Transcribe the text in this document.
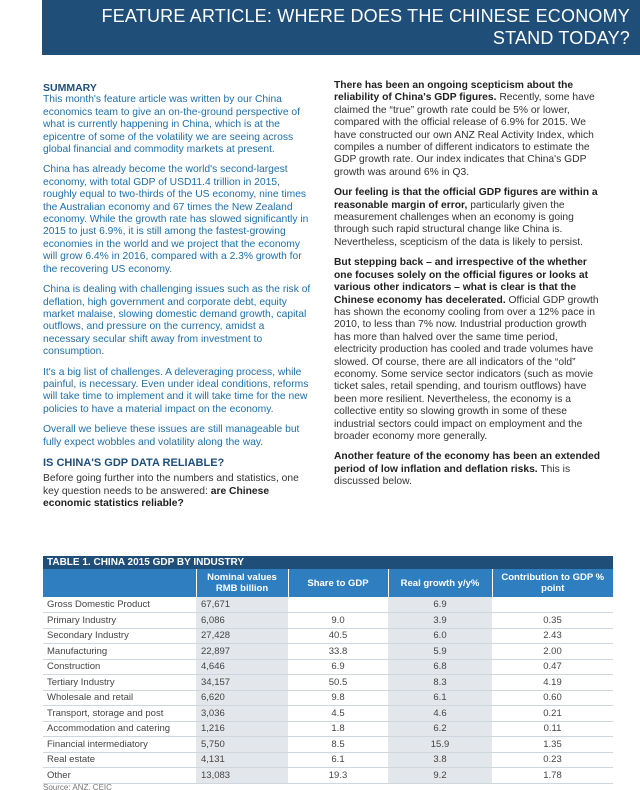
FEATURE ARTICLE: WHERE DOES THE CHINESE ECONOMY
STAND TODAY?
SUMMARY

This month's feature article was written by our China economics team to give an on-the-ground perspective of what is currently happening in China, which is at the epicentre of some of the volatility we are seeing across global financial and commodity markets at present.

China has already become the world's second-largest economy, with total GDP of USD11.4 trillion in 2015, roughly equal to two-thirds of the US economy, nine times the Australian economy and 67 times the New Zealand economy. While the growth rate has slowed significantly in 2015 to just 6.9%, it is still among the fastest-growing economies in the world and we project that the economy will grow 6.4% in 2016, compared with a 2.3% growth for the recovering US economy.

China is dealing with challenging issues such as the risk of deflation, high government and corporate debt, equity market malaise, slowing domestic demand growth, capital outflows, and pressure on the currency, amidst a necessary secular shift away from investment to consumption.

It's a big list of challenges. A deleveraging process, while painful, is necessary. Even under ideal conditions, reforms will take time to implement and it will take time for the new policies to have a material impact on the economy.

Overall we believe these issues are still manageable but fully expect wobbles and volatility along the way.

IS CHINA'S GDP DATA RELIABLE?

Before going further into the numbers and statistics, one key question needs to be answered: are Chinese economic statistics reliable?

There has been an ongoing scepticism about the reliability of China's GDP figures. Recently, some have claimed the “true” growth rate could be 5% or lower, compared with the official release of 6.9% for 2015. We have constructed our own ANZ Real Activity Index, which compiles a number of different indicators to estimate the GDP growth rate. Our index indicates that China's GDP growth was around 6% in Q3.

Our feeling is that the official GDP figures are within a reasonable margin of error, particularly given the measurement challenges when an economy is going through such rapid structural change like China is. Nevertheless, scepticism of the data is likely to persist.

But stepping back – and irrespective of the whether one focuses solely on the official figures or looks at various other indicators – what is clear is that the Chinese economy has decelerated. Official GDP growth has shown the economy cooling from over a 12% pace in 2010, to less than 7% now. Industrial production growth has more than halved over the same time period, electricity production has cooled and trade volumes have slowed. Of course, there are all indicators of the “old” economy. Some service sector indicators (such as movie ticket sales, retail spending, and tourism outflows) have been more resilient. Nevertheless, the economy is a collective entity so slowing growth in some of these industrial sectors could impact on employment and the broader economy more generally.

Another feature of the economy has been an extended period of low inflation and deflation risks. This is discussed below.

TABLE 1. CHINA 2015 GDP BY INDUSTRY
	Nominal values RMB billion	Share to GDP	Real growth y/y%	Contribution to GDP % point
Gross Domestic Product	67,671		6.9	
Primary Industry	6,086	9.0	3.9	0.35
Secondary Industry	27,428	40.5	6.0	2.43
Manufacturing	22,897	33.8	5.9	2.00
Construction	4,646	6.9	6.8	0.47
Tertiary Industry	34,157	50.5	8.3	4.19
Wholesale and retail	6,620	9.8	6.1	0.60
Transport, storage and post	3,036	4.5	4.6	0.21
Accommodation and catering	1,216	1.8	6.2	0.11
Financial intermediatory	5,750	8.5	15.9	1.35
Real estate	4,131	6.1	3.8	0.23
Other	13,083	19.3	9.2	1.78
Source: ANZ, CEIC
